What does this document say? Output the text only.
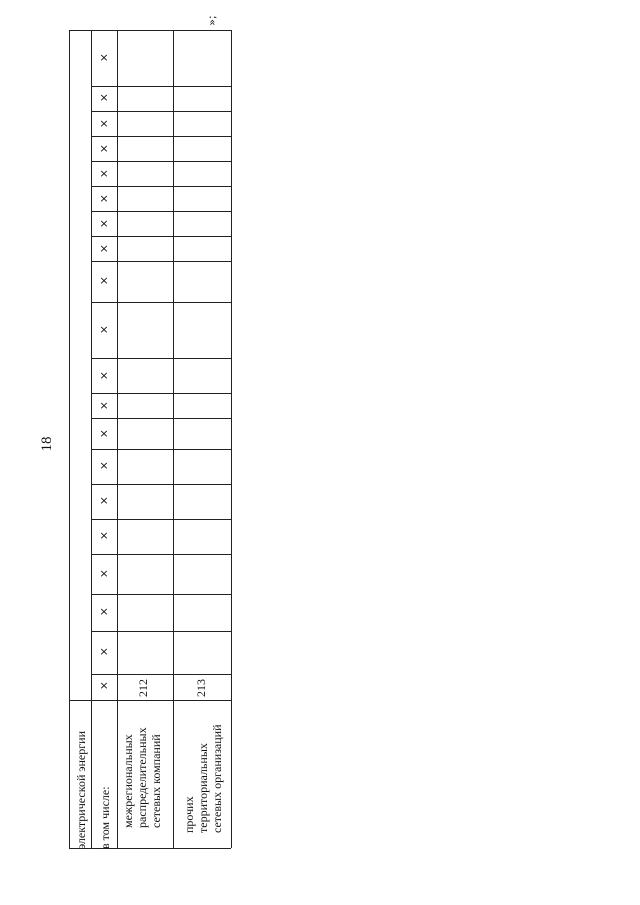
18
»;
электрической энергии в том числе: межрегиональных распределительных сетевых компаний
212
прочих территориальных сетевых организаций
213
×
×
×
×
×
×
×
×
×
×
×
×
×
×
×
×
×
×
×
×
